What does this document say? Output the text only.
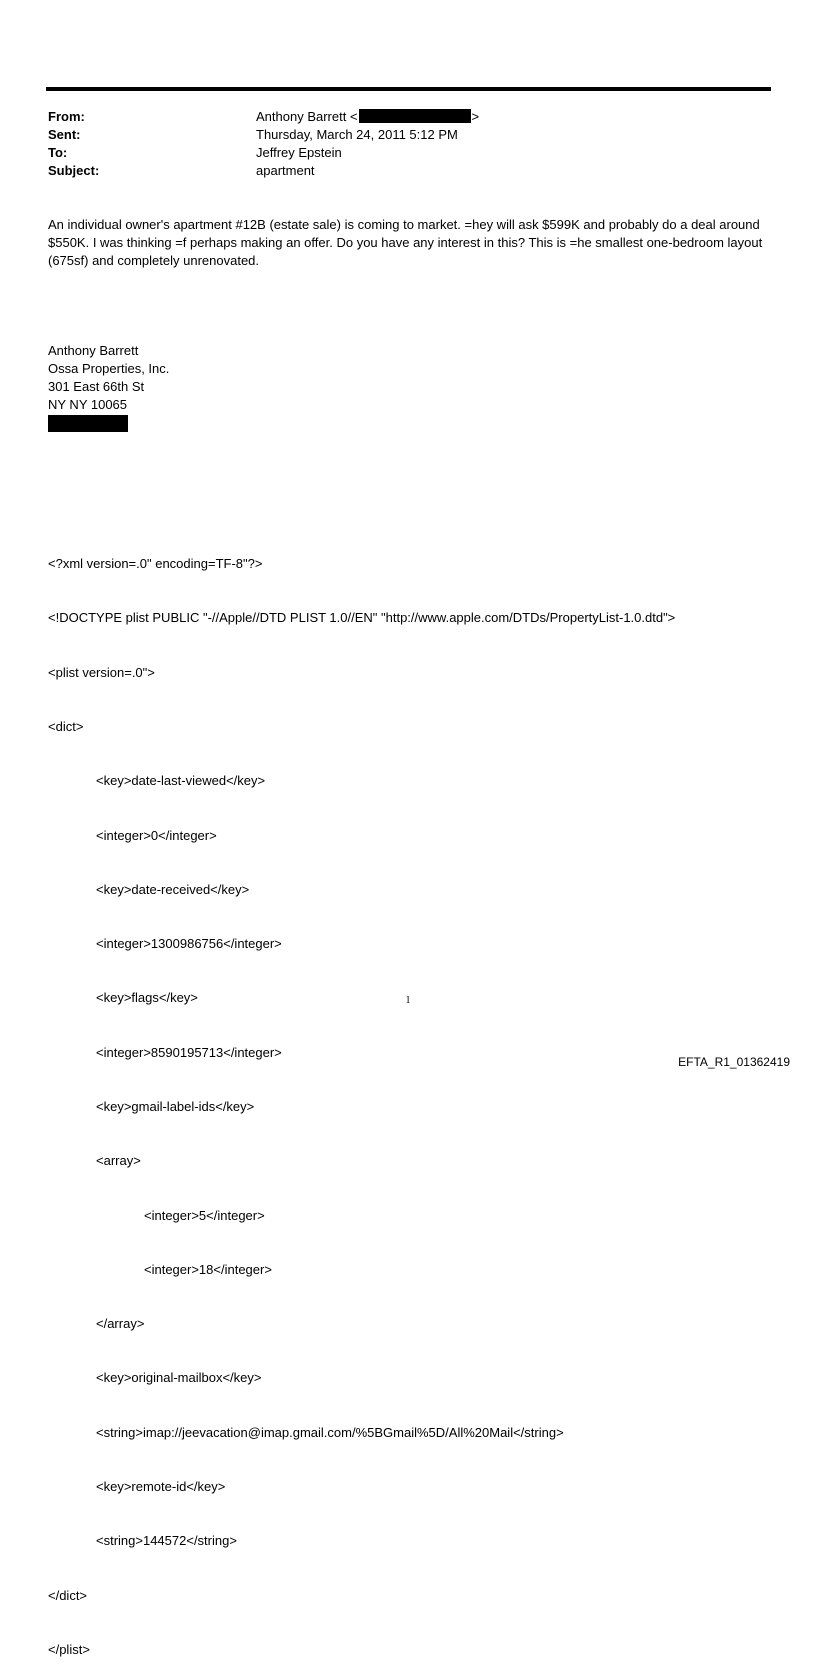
From:	Anthony Barrett <	>
Sent:	Thursday, March 24, 2011 5:12 PM
To:	Jeffrey Epstein
Subject:	apartment
An individual owner's apartment #12B (estate sale) is coming to market. =hey will ask $599K and probably do a deal around $550K. I was thinking =f perhaps making an offer. Do you have any interest in this? This is =he smallest one-bedroom layout (675sf) and completely unrenovated.
Anthony Barrett
Ossa Properties, Inc.
301 East 66th St
NY NY 10065

<?xml version=.0" encoding=TF-8"?>

<!DOCTYPE plist PUBLIC "-//Apple//DTD PLIST 1.0//EN" "http://www.apple.com/DTDs/PropertyList-1.0.dtd">

<plist version=.0">

<dict>

<key>date-last-viewed</key>

<integer>0</integer>

<key>date-received</key>

<integer>1300986756</integer>

<key>flags</key>

<integer>8590195713</integer>

<key>gmail-label-ids</key>

<array>

<integer>5</integer>

<integer>18</integer>

</array>

<key>original-mailbox</key>

<string>imap://jeevacation@imap.gmail.com/%5BGmail%5D/All%20Mail</string>

<key>remote-id</key>

<string>144572</string>

</dict>

</plist>

1
EFTA_R1_01362419
